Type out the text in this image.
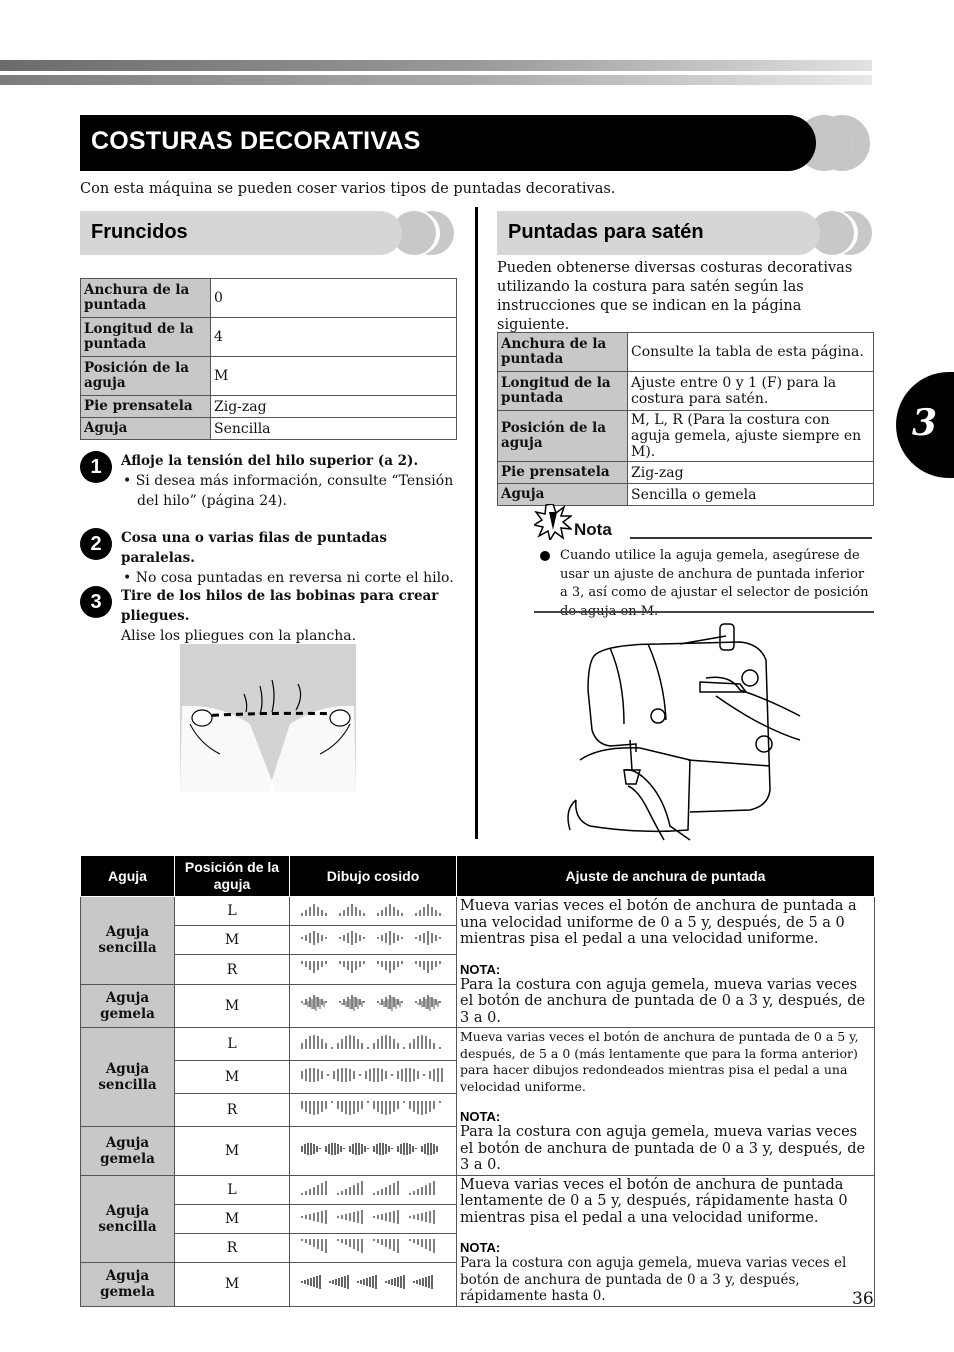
COSTURAS DECORATIVAS
Con esta máquina se pueden coser varios tipos de puntadas decorativas.
3
Fruncidos	Puntadas para satén
Anchura de la puntada	0
Longitud de la puntada	4
Posición de la aguja	M
Pie prensatela	Zig-zag
Aguja	Sencilla
1	Afloje la tensión del hilo superior (a 2).
• Si desea más información, consulte “Tensión del hilo” (página 24).
2	Cosa una o varias filas de puntadas paralelas.
• No cosa puntadas en reversa ni corte el hilo.
3	Tire de los hilos de las bobinas para crear pliegues.
Alise los pliegues con la plancha.
Pueden obtenerse diversas costuras decorativas utilizando la costura para satén según las instrucciones que se indican en la página siguiente.
Anchura de la puntada	Consulte la tabla de esta página.
Longitud de la puntada	Ajuste entre 0 y 1 (F) para la costura para satén.
Posición de la aguja	M, L, R (Para la costura con aguja gemela, ajuste siempre en M).
Pie prensatela	Zig-zag
Aguja	Sencilla o gemela
Nota
Cuando utilice la aguja gemela, asegúrese de usar un ajuste de anchura de puntada inferior a 3, así como de ajustar el selector de posición
Aguja	Posición de la aguja	Dibujo cosido	Ajuste de anchura de puntada
Aguja sencilla	L		Mueva varias veces el botón de anchura de puntada a una velocidad uniforme de 0 a 5 y, después, de 5 a 0 mientras pisa el pedal a una velocidad uniforme.
NOTA:
Para la costura con aguja gemela, mueva varias veces el botón de anchura de puntada de 0 a 3 y, después, de 3 a 0.

	M	
	R	
Aguja gemela	M	
Aguja sencilla	L		Mueva varias veces el botón de anchura de puntada de 0 a 5 y, después, de 5 a 0 (más lentamente que para la forma anterior) para hacer dibujos redondeados mientras pisa el pedal a una velocidad uniforme.
NOTA:
Para la costura con aguja gemela, mueva varias veces el botón de anchura de puntada de 0 a 3 y, después, de 3 a 0.

	M	
	R	
Aguja gemela	M	
Aguja sencilla	L		Mueva varias veces el botón de anchura de puntada lentamente de 0 a 5 y, después, rápidamente hasta 0 mientras pisa el pedal a una velocidad uniforme.
NOTA:
Para la costura con aguja gemela, mueva varias veces el botón de anchura de puntada de 0 a 3 y, después, rápidamente hasta 0.

	M	
	R	
Aguja gemela	M	
36
